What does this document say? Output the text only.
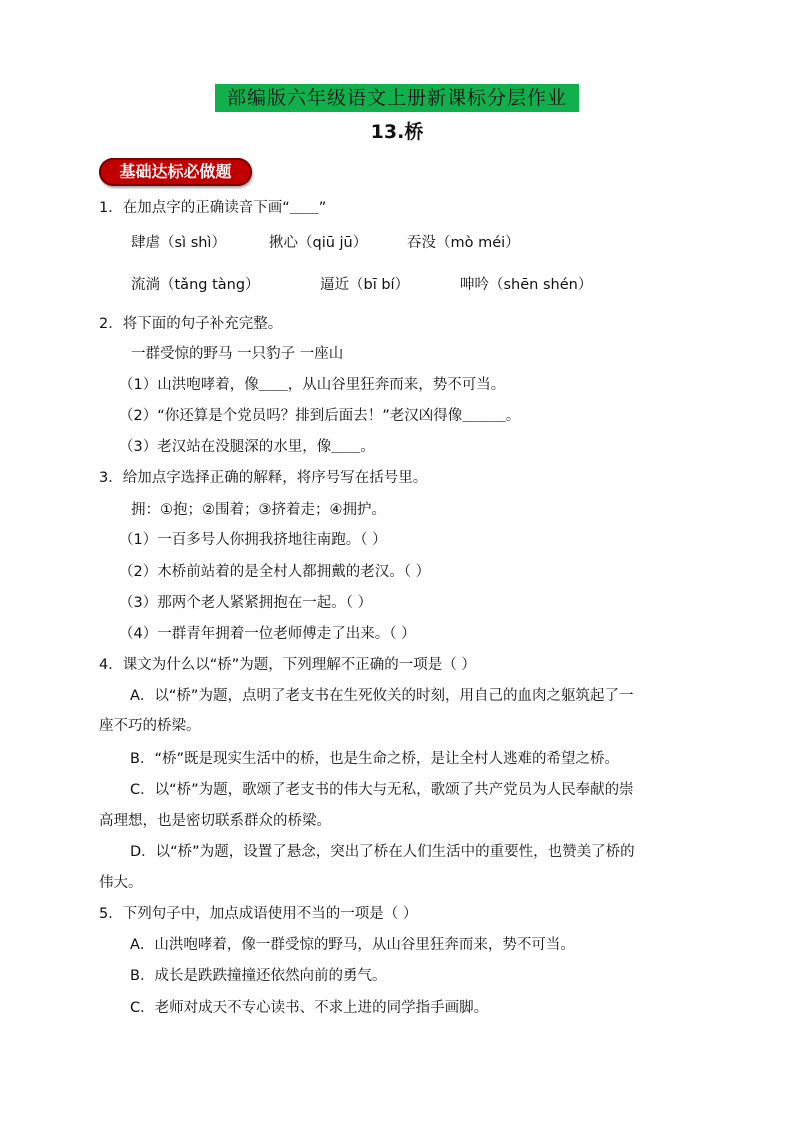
部编版六年级语文上册新课标分层作业
13.桥
基础达标必做题
1．在加点字的正确读音下画“＿＿”
肆虐（sì shì）	揪心（qiū jū）	吞没（mò méi）
流淌（tǎng tàng）	逼近（bī bí）	呻吟（shēn shén）
2．将下面的句子补充完整。
一群受惊的野马 一只豹子 一座山
（1）山洪咆哮着，像＿＿，从山谷里狂奔而来，势不可当。
（2）“你还算是个党员吗？排到后面去！”老汉凶得像＿＿＿。
（3）老汉站在没腿深的水里，像＿＿。
3．给加点字选择正确的解释，将序号写在括号里。
拥：①抱；②围着；③挤着走；④拥护。
（1）一百多号人你拥我挤地往南跑。（ ）
（2）木桥前站着的是全村人都拥戴的老汉。（ ）
（3）那两个老人紧紧拥抱在一起。（ ）
（4）一群青年拥着一位老师傅走了出来。（ ）
4．课文为什么以“桥”为题，下列理解不正确的一项是（ ）
A．以“桥”为题，点明了老支书在生死攸关的时刻，用自己的血肉之躯筑起了一
座不巧的桥梁。
B．“桥”既是现实生活中的桥，也是生命之桥，是让全村人逃难的希望之桥。
C．以“桥”为题，歌颂了老支书的伟大与无私，歌颂了共产党员为人民奉献的崇
高理想，也是密切联系群众的桥梁。
D．以“桥”为题，设置了悬念，突出了桥在人们生活中的重要性，也赞美了桥的
伟大。
5．下列句子中，加点成语使用不当的一项是（ ）
A．山洪咆哮着，像一群受惊的野马，从山谷里狂奔而来，势不可当。
B．成长是跌跌撞撞还依然向前的勇气。
C．老师对成天不专心读书、不求上进的同学指手画脚。
